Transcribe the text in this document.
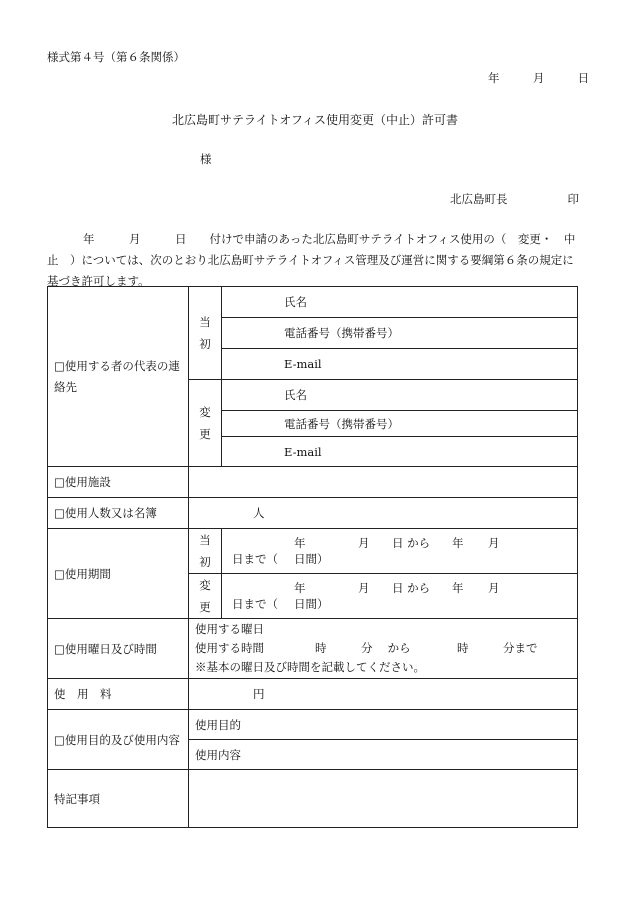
様式第４号（第６条関係）
年	月	日
北広島町サテライトオフィス使用変更（中止）許可書
様
北広島町長	印
年　　　月　　　日　　付けで申請のあった北広島町サテライトオフィス使用の（　変更・　中止　）については、次のとおり北広島町サテライトオフィス管理及び運営に関する要綱第６条の規定に基づき許可します。
□使用する者の代表の連絡先	当初	氏名
		電話番号（携帯番号）
		E-mail
	変更	氏名
		電話番号（携帯番号）
		E-mail
□使用施設		
□使用人数又は名簿	人	
□使用期間	当初	年 月 日 から 年 月日まで（ 日間）
	変更	年 月 日 から 年 月日まで（ 日間）
□使用曜日及び時間	使用する曜日
使用する時間 時 分　 から 時 分まで
※基本の曜日及び時間を記載してください。	

使　用　料	円	
□使用目的及び使用内容	使用目的	
	使用内容	
特記事項		
